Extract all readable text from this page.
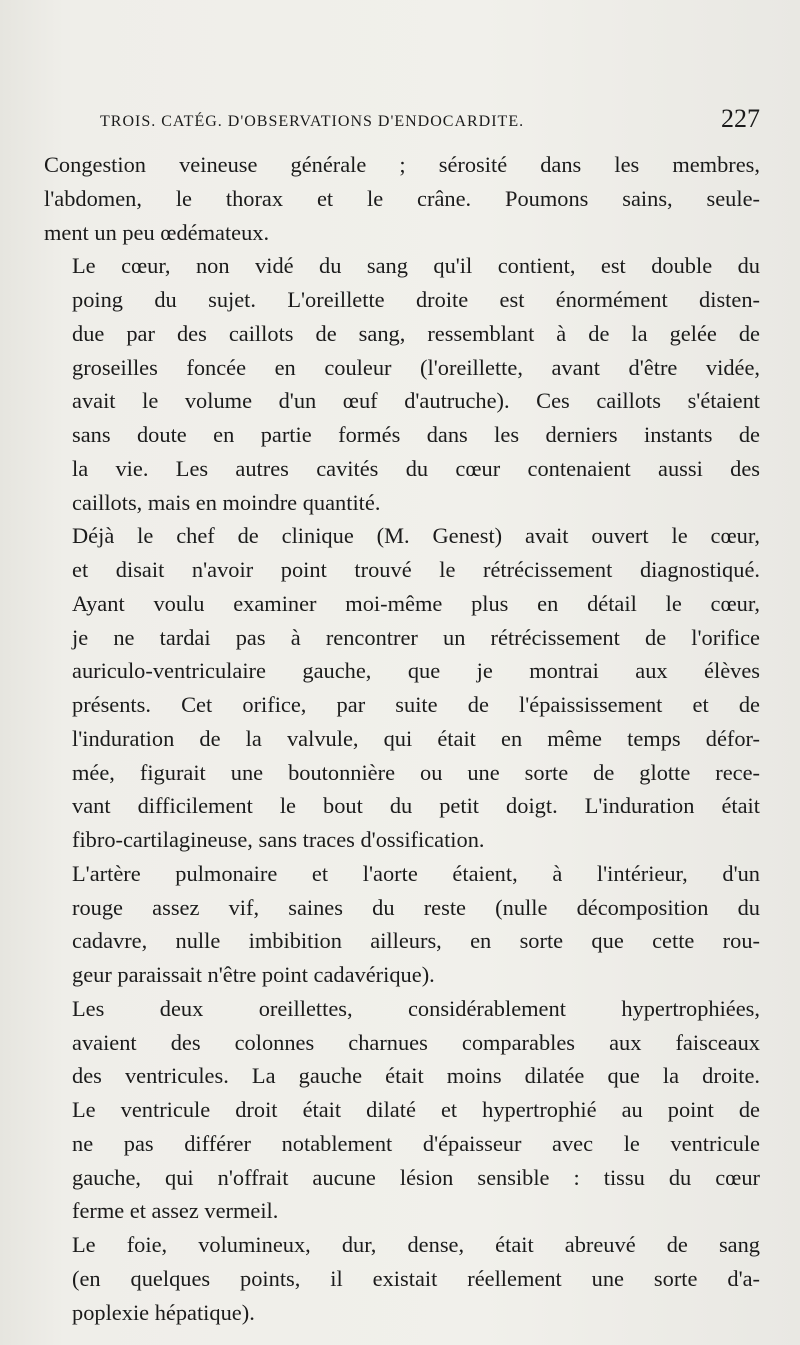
TROIS. CATÉG. D'OBSERVATIONS D'ENDOCARDITE.	227
Congestion veineuse générale ; sérosité dans les membres,
l'abdomen, le thorax et le crâne. Poumons sains, seule-
ment un peu œdémateux.
Le cœur, non vidé du sang qu'il contient, est double du
poing du sujet. L'oreillette droite est énormément disten-
due par des caillots de sang, ressemblant à de la gelée de
groseilles foncée en couleur (l'oreillette, avant d'être vidée,
avait le volume d'un œuf d'autruche). Ces caillots s'étaient
sans doute en partie formés dans les derniers instants de
la vie. Les autres cavités du cœur contenaient aussi des
caillots, mais en moindre quantité.
Déjà le chef de clinique (M. Genest) avait ouvert le cœur,
et disait n'avoir point trouvé le rétrécissement diagnostiqué.
Ayant voulu examiner moi-même plus en détail le cœur,
je ne tardai pas à rencontrer un rétrécissement de l'orifice
auriculo-ventriculaire gauche, que je montrai aux élèves
présents. Cet orifice, par suite de l'épaississement et de
l'induration de la valvule, qui était en même temps défor-
mée, figurait une boutonnière ou une sorte de glotte rece-
vant difficilement le bout du petit doigt. L'induration était
fibro-cartilagineuse, sans traces d'ossification.
L'artère pulmonaire et l'aorte étaient, à l'intérieur, d'un
rouge assez vif, saines du reste (nulle décomposition du
cadavre, nulle imbibition ailleurs, en sorte que cette rou-
geur paraissait n'être point cadavérique).
Les deux oreillettes, considérablement hypertrophiées,
avaient des colonnes charnues comparables aux faisceaux
des ventricules. La gauche était moins dilatée que la droite.
Le ventricule droit était dilaté et hypertrophié au point de
ne pas différer notablement d'épaisseur avec le ventricule
gauche, qui n'offrait aucune lésion sensible : tissu du cœur
ferme et assez vermeil.
Le foie, volumineux, dur, dense, était abreuvé de sang
(en quelques points, il existait réellement une sorte d'a-
poplexie hépatique).
